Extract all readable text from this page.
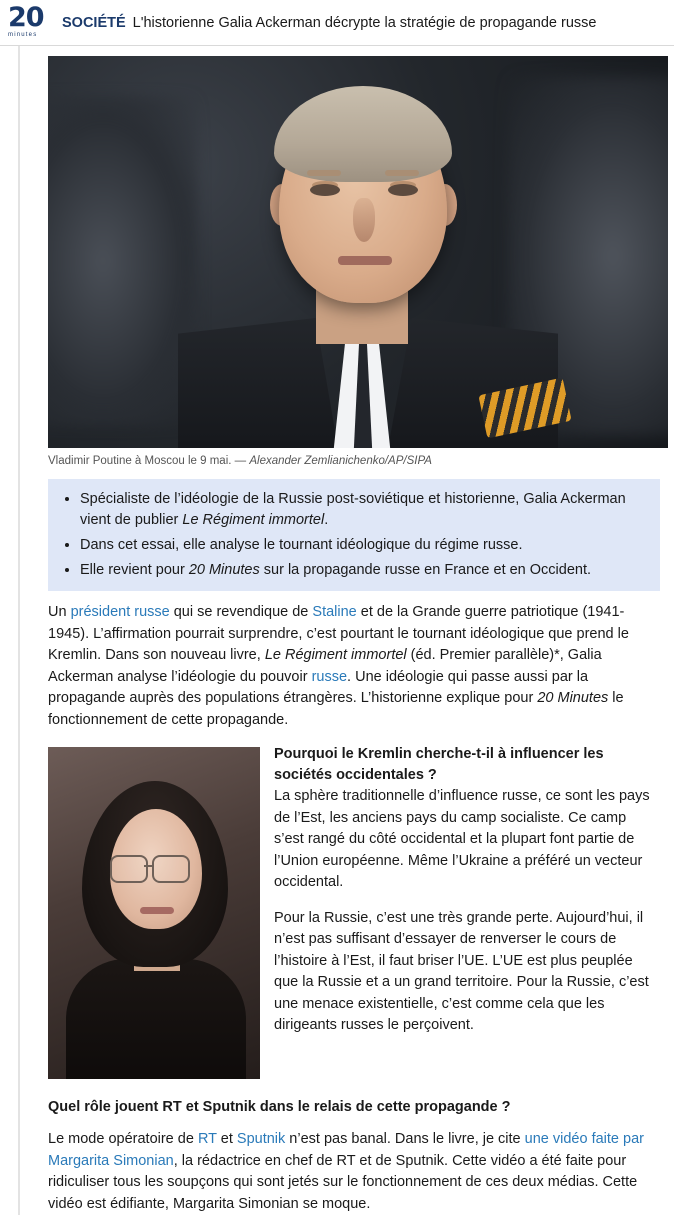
20
minutes
SOCIÉTÉ L'historienne Galia Ackerman décrypte la stratégie de propagande russe

Vladimir Poutine à Moscou le 9 mai. — Alexander Zemlianichenko/AP/SIPA

• Spécialiste de l’idéologie de la Russie post-soviétique et historienne, Galia Ackerman vient de publier Le Régiment immortel.
• Dans cet essai, elle analyse le tournant idéologique du régime russe.
• Elle revient pour 20 Minutes sur la propagande russe en France et en Occident.

Un président russe qui se revendique de Staline et de la Grande guerre patriotique (1941-1945). L’affirmation pourrait surprendre, c’est pourtant le tournant idéologique que prend le Kremlin. Dans son nouveau livre, Le Régiment immortel (éd. Premier parallèle)*, Galia Ackerman analyse l’idéologie du pouvoir russe. Une idéologie qui passe aussi par la propagande auprès des populations étrangères. L’historienne explique pour 20 Minutes le fonctionnement de cette propagande.

Pourquoi le Kremlin cherche-t-il à influencer les sociétés occidentales ?

La sphère traditionnelle d’influence russe, ce sont les pays de l’Est, les anciens pays du camp socialiste. Ce camp s’est rangé du côté occidental et la plupart font partie de l’Union européenne. Même l’Ukraine a préféré un vecteur occidental.

Pour la Russie, c’est une très grande perte. Aujourd’hui, il n’est pas suffisant d’essayer de renverser le cours de l’histoire à l’Est, il faut briser l’UE. L’UE est plus peuplée que la Russie et a un grand territoire. Pour la Russie, c’est une menace existentielle, c’est comme cela que les dirigeants russes le perçoivent.

Quel rôle jouent RT et Sputnik dans le relais de cette propagande ?

Le mode opératoire de RT et Sputnik n’est pas banal. Dans le livre, je cite une vidéo faite par Margarita Simonian, la rédactrice en chef de RT et de Sputnik. Cette vidéo a été faite pour ridiculiser tous les soupçons qui sont jetés sur le fonctionnement de ces deux médias. Cette vidéo est édifiante, Margarita Simonian se moque.
